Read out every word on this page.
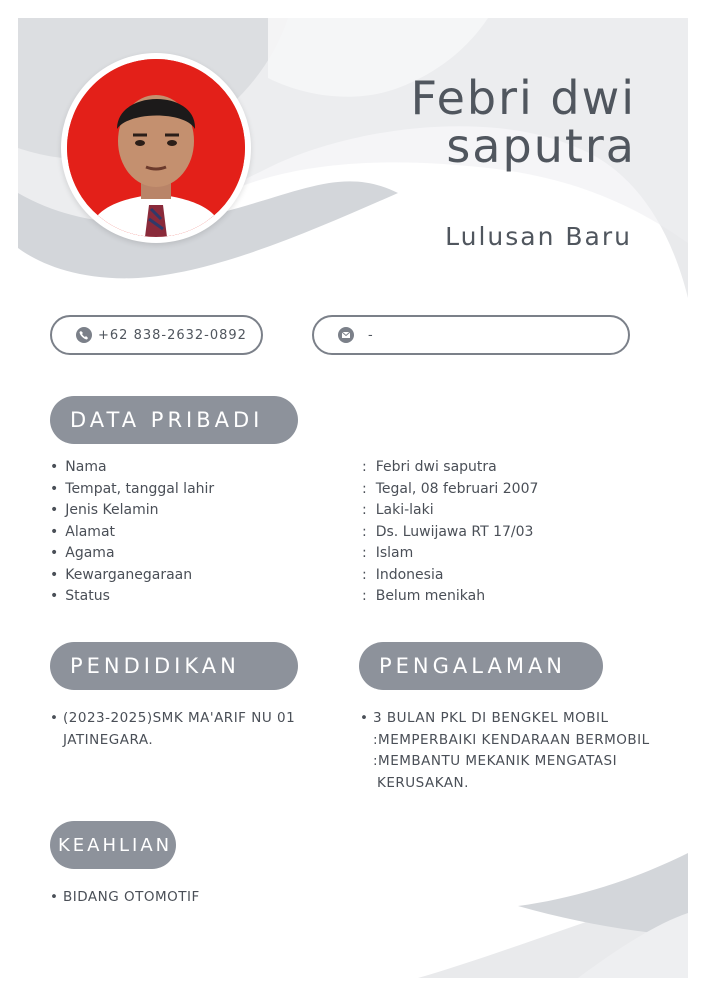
Febri dwi
saputra
Lulusan Baru
+62 838-2632-0892	-
DATA PRIBADI
• Nama	: Febri dwi saputra
• Tempat, tanggal lahir	: Tegal, 08 februari 2007
• Jenis Kelamin	: Laki-laki
• Alamat	: Ds. Luwijawa RT 17/03
• Agama	: Islam
• Kewarganegaraan	: Indonesia
• Status	: Belum menikah
PENDIDIKAN	PENGALAMAN
• (2023-2025)SMK MA'ARIF NU 01
JATINEGARA.
• 3 BULAN PKL DI BENGKEL MOBIL
:MEMPERBAIKI KENDARAAN BERMOBIL
:MEMBANTU MEKANIK MENGATASI
KERUSAKAN.
KEAHLIAN
• BIDANG OTOMOTIF
